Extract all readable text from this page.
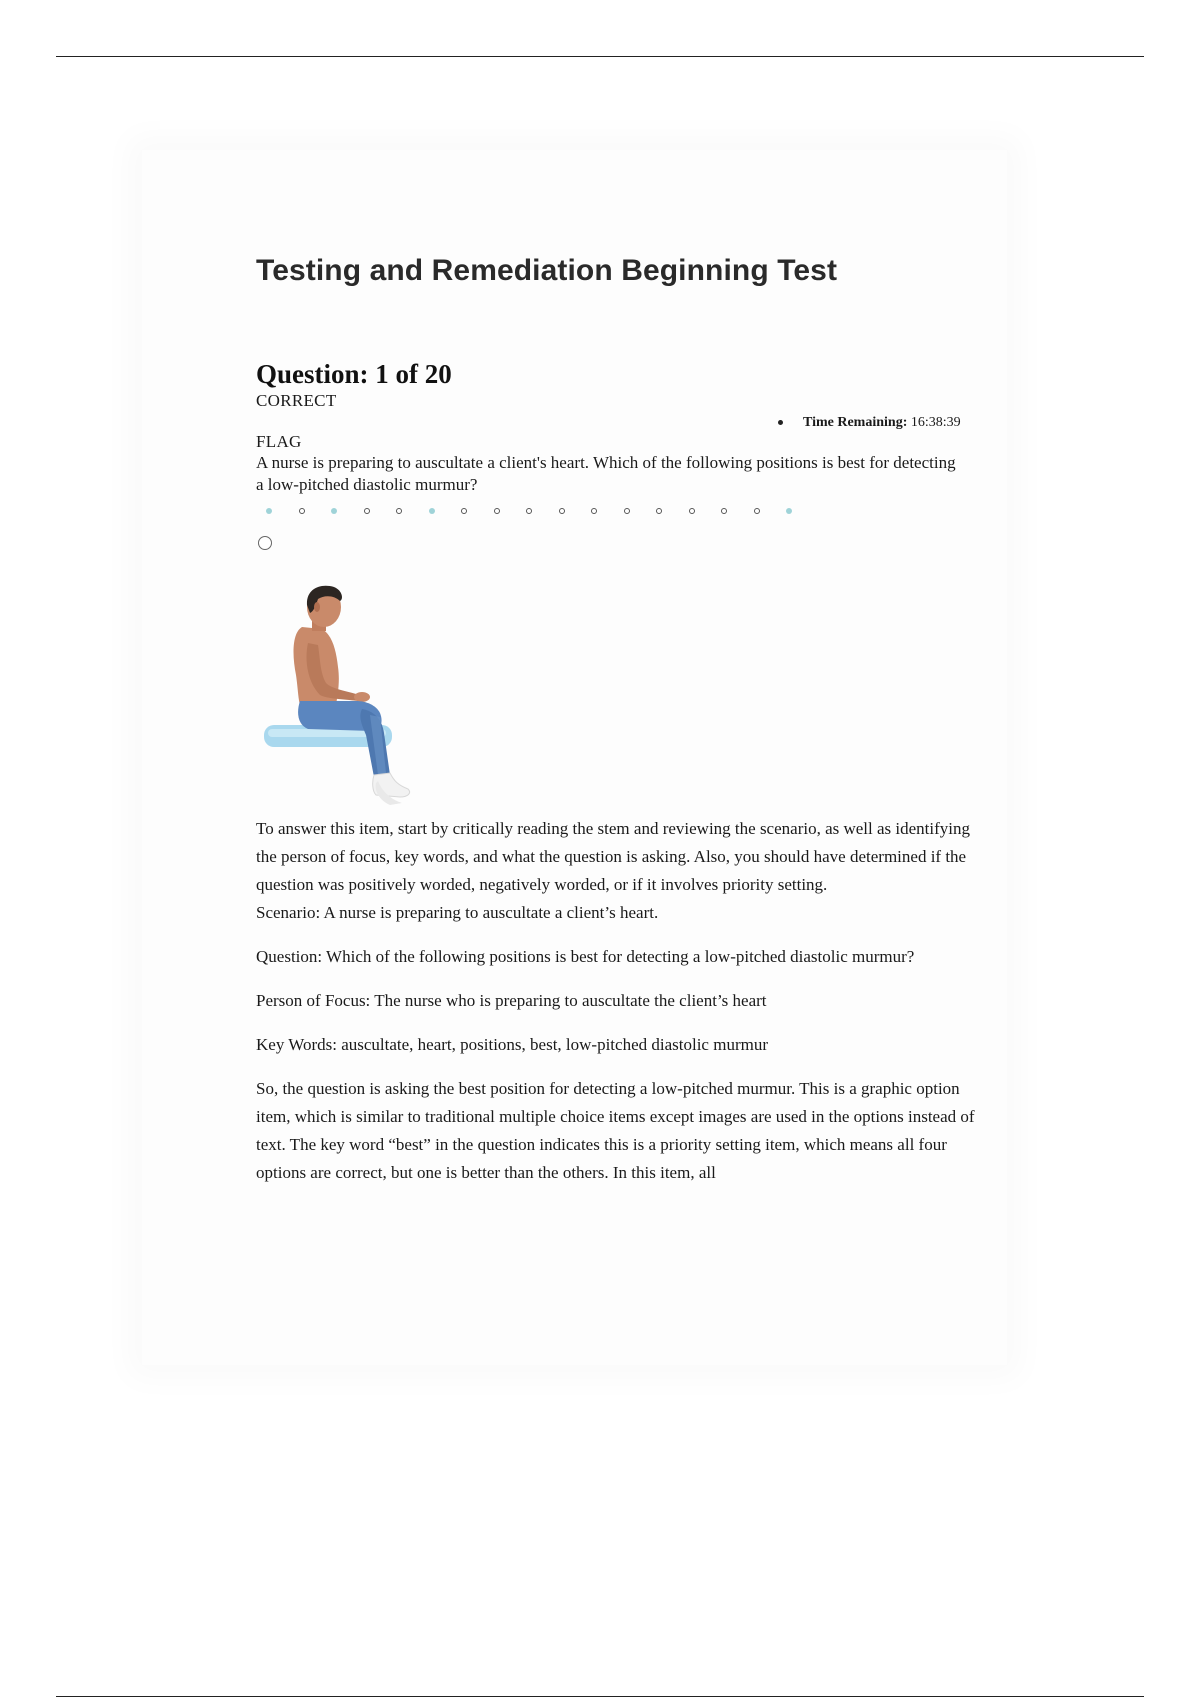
Testing and Remediation Beginning Test
Question: 1 of 20
CORRECT
Time Remaining: 16:38:39
FLAG

A nurse is preparing to auscultate a client's heart. Which of the following positions is best for detecting a low-pitched diastolic murmur?

To answer this item, start by critically reading the stem and reviewing the scenario, as well as identifying the person of focus, key words, and what the question is asking. Also, you should have determined if the question was positively worded, negatively worded, or if it involves priority setting.

Scenario: A nurse is preparing to auscultate a client’s heart.

Question: Which of the following positions is best for detecting a low-pitched diastolic murmur?

Person of Focus: The nurse who is preparing to auscultate the client’s heart

Key Words: auscultate, heart, positions, best, low-pitched diastolic murmur

So, the question is asking the best position for detecting a low-pitched murmur. This is a graphic option item, which is similar to traditional multiple choice items except images are used in the options instead of text. The key word “best” in the question indicates this is a priority setting item, which means all four options are correct, but one is better than the others. In this item, all
